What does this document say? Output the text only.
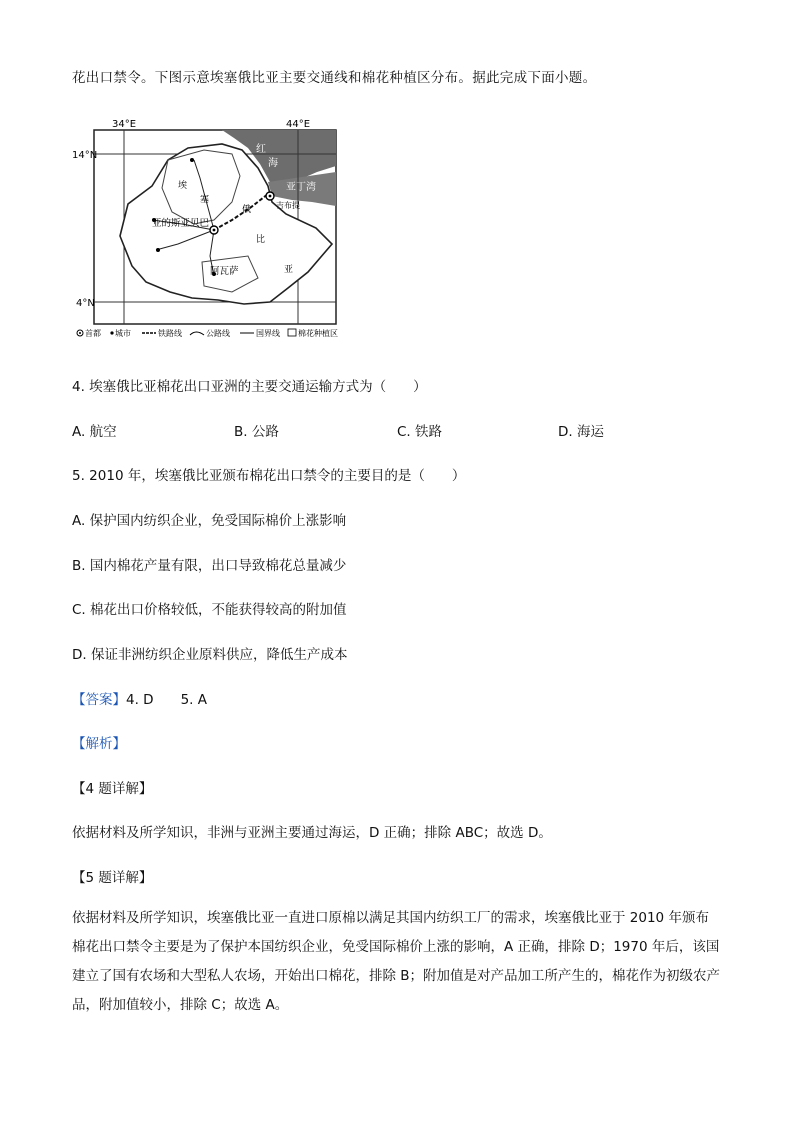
花出口禁令。下图示意埃塞俄比亚主要交通线和棉花种植区分布。据此完成下面小题。
34°E	44°E
14°N
4°N
红
海
亚丁湾
吉布提
亚的斯亚贝巴
阿瓦萨
埃
塞
俄
比
亚
首都 城市	铁路线	公路线	国界线 棉花种植区
4. 埃塞俄比亚棉花出口亚洲的主要交通运输方式为（　　）
A. 航空	B. 公路	C. 铁路	D. 海运
5. 2010 年，埃塞俄比亚颁布棉花出口禁令的主要目的是（　　）
A. 保护国内纺织企业，免受国际棉价上涨影响
B. 国内棉花产量有限，出口导致棉花总量减少
C. 棉花出口价格较低，不能获得较高的附加值
D. 保证非洲纺织企业原料供应，降低生产成本
【答案】4. D　　5. A
【解析】
【4 题详解】
依据材料及所学知识，非洲与亚洲主要通过海运，D 正确；排除 ABC；故选 D。
【5 题详解】
依据材料及所学知识，埃塞俄比亚一直进口原棉以满足其国内纺织工厂的需求，埃塞俄比亚于 2010 年颁布棉花出口禁令主要是为了保护本国纺织企业，免受国际棉价上涨的影响，A 正确，排除 D；1970 年后，该国建立了国有农场和大型私人农场，开始出口棉花，排除 B；附加值是对产品加工所产生的，棉花作为初级农产品，附加值较小，排除 C；故选 A。
